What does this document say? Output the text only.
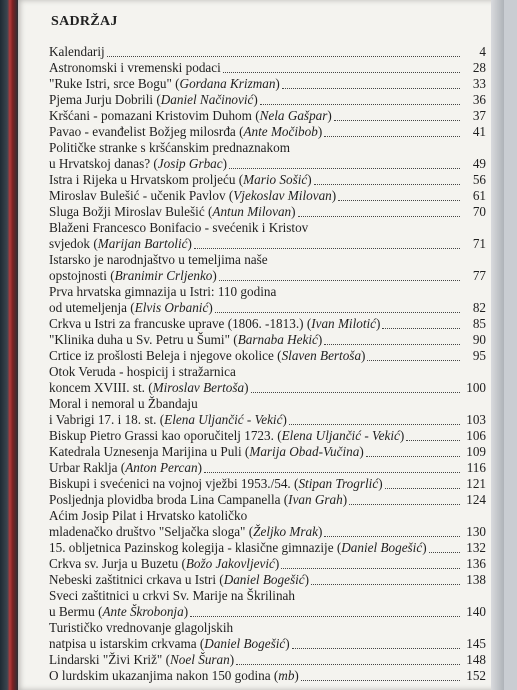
SADRŽAJ
Kalendarij	4
Astronomski i vremenski podaci	28
"Ruke Istri, srce Bogu" (Gordana Krizman)	33
Pjema Jurju Dobrili (Daniel Načinović)	36
Kršćani - pomazani Kristovim Duhom (Nela Gašpar)	37
Pavao - evanđelist Božjeg milosrđa (Ante Močibob)	41
Političke stranke s kršćanskim prednaznakom
u Hrvatskoj danas? (Josip Grbac)	49
Istra i Rijeka u Hrvatskom proljeću (Mario Sošić)	56
Miroslav Bulešić - učenik Pavlov (Vjekoslav Milovan)	61
Sluga Božji Miroslav Bulešić (Antun Milovan)	70
Blaženi Francesco Bonifacio - svećenik i Kristov
svjedok (Marijan Bartolić)	71
Istarsko je narodnjaštvo u temeljima naše
opstojnosti (Branimir Crljenko)	77
Prva hrvatska gimnazija u Istri: 110 godina
od utemeljenja (Elvis Orbanić)	82
Crkva u Istri za francuske uprave (1806. -1813.) (Ivan Milotić)	85
"Klinika duha u Sv. Petru u Šumi" (Barnaba Hekić)	90
Crtice iz prošlosti Beleja i njegove okolice (Slaven Bertoša)	95
Otok Veruda - hospicij i stražarnica
koncem XVIII. st. (Miroslav Bertoša)	100
Moral i nemoral u Žbandaju
i Vabrigi 17. i 18. st. (Elena Uljančić - Vekić)	103
Biskup Pietro Grassi kao oporučitelj 1723. (Elena Uljančić - Vekić)	106
Katedrala Uznesenja Marijina u Puli (Marija Obad-Vučina)	109
Urbar Raklja (Anton Percan)	116
Biskupi i svećenici na vojnoj vježbi 1953./54. (Stipan Trogrlić)	121
Posljednja plovidba broda Lina Campanella (Ivan Grah)	124
Aćim Josip Pilat i Hrvatsko katoličko
mladenačko društvo "Seljačka sloga" (Željko Mrak)	130
15. obljetnica Pazinskog kolegija - klasične gimnazije (Daniel Bogešić)	132
Crkva sv. Jurja u Buzetu (Božo Jakovljević)	136
Nebeski zaštitnici crkava u Istri (Daniel Bogešić)	138
Sveci zaštitnici u crkvi Sv. Marije na Škrilinah
u Bermu (Ante Škrobonja)	140
Turističko vrednovanje glagoljskih
natpisa u istarskim crkvama (Daniel Bogešić)	145
Lindarski "Živi Križ" (Noel Šuran)	148
O lurdskim ukazanjima nakon 150 godina (mb)	152
